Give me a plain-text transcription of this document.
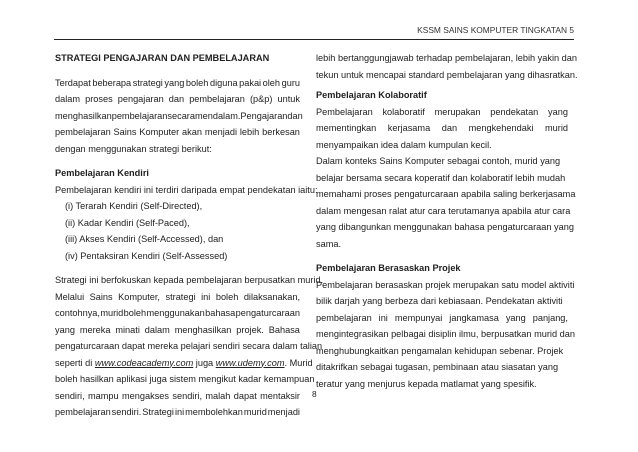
KSSM SAINS KOMPUTER TINGKATAN 5
STRATEGI PENGAJARAN DAN PEMBELAJARAN
Terdapat beberapa strategi yang boleh diguna pakai oleh guru
dalam proses pengajaran dan pembelajaran (p&p) untuk
menghasilkan pembelajaran secara mendalam. Pengajaran dan
pembelajaran Sains Komputer akan menjadi lebih berkesan
dengan menggunakan strategi berikut:
Pembelajaran Kendiri
Pembelajaran kendiri ini terdiri daripada empat pendekatan iaitu:
(i) Terarah Kendiri (Self-Directed),
(ii) Kadar Kendiri (Self-Paced),
(iii) Akses Kendiri (Self-Accessed), dan
(iv) Pentaksiran Kendiri (Self-Assessed)
Strategi ini berfokuskan kepada pembelajaran berpusatkan murid.
Melalui Sains Komputer, strategi ini boleh dilaksanakan,
contohnya, murid boleh menggunakan bahasa pengaturcaraan
yang mereka minati dalam menghasilkan projek. Bahasa
pengaturcaraan dapat mereka pelajari sendiri secara dalam talian
seperti di www.codeacademy.com juga www.udemy.com. Murid
boleh hasilkan aplikasi juga sistem mengikut kadar kemampuan
sendiri, mampu mengakses sendiri, malah dapat mentaksir
pembelajaran sendiri. Strategi ini membolehkan murid menjadi
lebih bertanggungjawab terhadap pembelajaran, lebih yakin dan
tekun untuk mencapai standard pembelajaran yang dihasratkan.
Pembelajaran Kolaboratif
Pembelajaran kolaboratif merupakan pendekatan yang
mementingkan kerjasama dan mengkehendaki murid
menyampaikan idea dalam kumpulan kecil.
Dalam konteks Sains Komputer sebagai contoh, murid yang
belajar bersama secara koperatif dan kolaboratif lebih mudah
memahami proses pengaturcaraan apabila saling berkerjasama
dalam mengesan ralat atur cara terutamanya apabila atur cara
yang dibangunkan menggunakan bahasa pengaturcaraan yang
sama.
Pembelajaran Berasaskan Projek
Pembelajaran berasaskan projek merupakan satu model aktiviti
bilik darjah yang berbeza dari kebiasaan. Pendekatan aktiviti
pembelajaran ini mempunyai jangkamasa yang panjang,
mengintegrasikan pelbagai disiplin ilmu, berpusatkan murid dan
menghubungkaitkan pengamalan kehidupan sebenar. Projek
ditakrifkan sebagai tugasan, pembinaan atau siasatan yang
teratur yang menjurus kepada matlamat yang spesifik.
8
